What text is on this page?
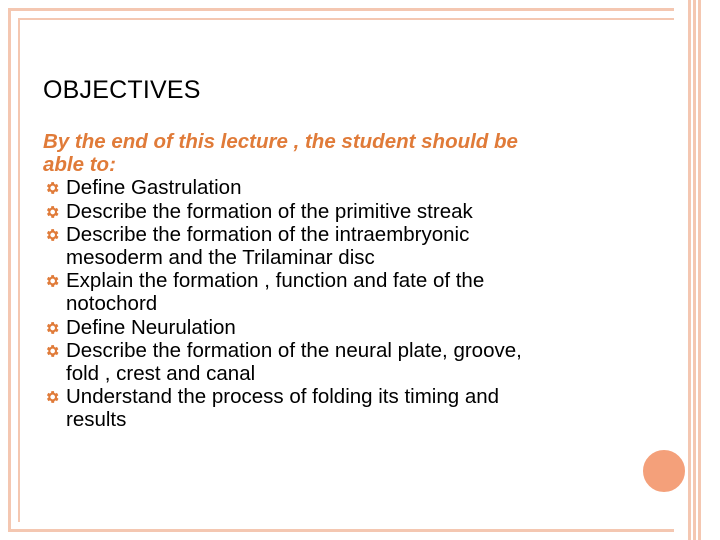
OBJECTIVES
By the end of this lecture , the student should be
able to:
Define Gastrulation
Describe the formation of the primitive streak
Describe the formation of the intraembryonic
mesoderm and the Trilaminar disc
Explain the formation , function and fate of the
notochord
Define Neurulation
Describe the formation of the neural plate, groove,
fold , crest and canal
Understand the process of folding its timing and
results
